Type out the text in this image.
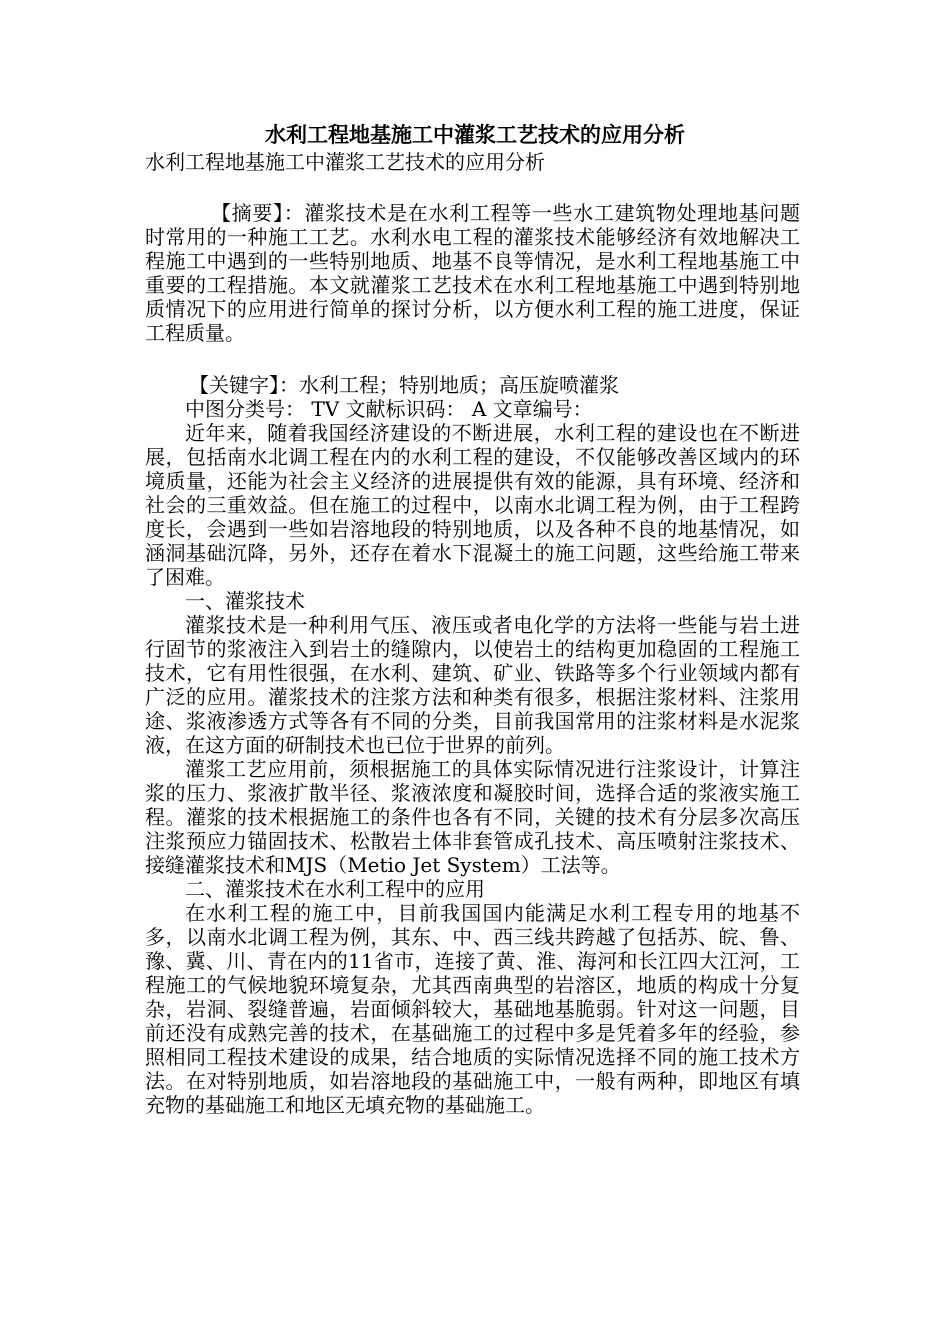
水利工程地基施工中灌浆工艺技术的应用分析
水利工程地基施工中灌浆工艺技术的应用分析

【摘要】：灌浆技术是在水利工程等一些水工建筑物处理地基问题时常用的一种施工工艺。水利水电工程的灌浆技术能够经济有效地解决工程施工中遇到的一些特别地质、地基不良等情况，是水利工程地基施工中重要的工程措施。本文就灌浆工艺技术在水利工程地基施工中遇到特别地质情况下的应用进行简单的探讨分析，以方便水利工程的施工进度，保证工程质量。

【关键字】：水利工程；特别地质；高压旋喷灌浆

中图分类号： TV 文献标识码： A 文章编号：

近年来，随着我国经济建设的不断进展，水利工程的建设也在不断进展，包括南水北调工程在内的水利工程的建设，不仅能够改善区域内的环境质量，还能为社会主义经济的进展提供有效的能源，具有环境、经济和社会的三重效益。但在施工的过程中，以南水北调工程为例，由于工程跨度长，会遇到一些如岩溶地段的特别地质，以及各种不良的地基情况，如涵洞基础沉降，另外，还存在着水下混凝土的施工问题，这些给施工带来了困难。

一、灌浆技术

灌浆技术是一种利用气压、液压或者电化学的方法将一些能与岩土进行固节的浆液注入到岩土的缝隙内，以使岩土的结构更加稳固的工程施工技术，它有用性很强，在水利、建筑、矿业、铁路等多个行业领域内都有广泛的应用。灌浆技术的注浆方法和种类有很多，根据注浆材料、注浆用途、浆液渗透方式等各有不同的分类，目前我国常用的注浆材料是水泥浆液，在这方面的研制技术也已位于世界的前列。

灌浆工艺应用前，须根据施工的具体实际情况进行注浆设计，计算注浆的压力、浆液扩散半径、浆液浓度和凝胶时间，选择合适的浆液实施工程。灌浆的技术根据施工的条件也各有不同，关键的技术有分层多次高压注浆预应力锚固技术、松散岩土体非套管成孔技术、高压喷射注浆技术、接缝灌浆技术和MJS（Metio Jet System）工法等。

二、灌浆技术在水利工程中的应用

在水利工程的施工中，目前我国国内能满足水利工程专用的地基不多，以南水北调工程为例，其东、中、西三线共跨越了包括苏、皖、鲁、豫、冀、川、青在内的11省市，连接了黄、淮、海河和长江四大江河，工程施工的气候地貌环境复杂，尤其西南典型的岩溶区，地质的构成十分复杂，岩洞、裂缝普遍，岩面倾斜较大，基础地基脆弱。针对这一问题，目前还没有成熟完善的技术，在基础施工的过程中多是凭着多年的经验，参照相同工程技术建设的成果，结合地质的实际情况选择不同的施工技术方法。在对特别地质，如岩溶地段的基础施工中，一般有两种，即地区有填充物的基础施工和地区无填充物的基础施工。
